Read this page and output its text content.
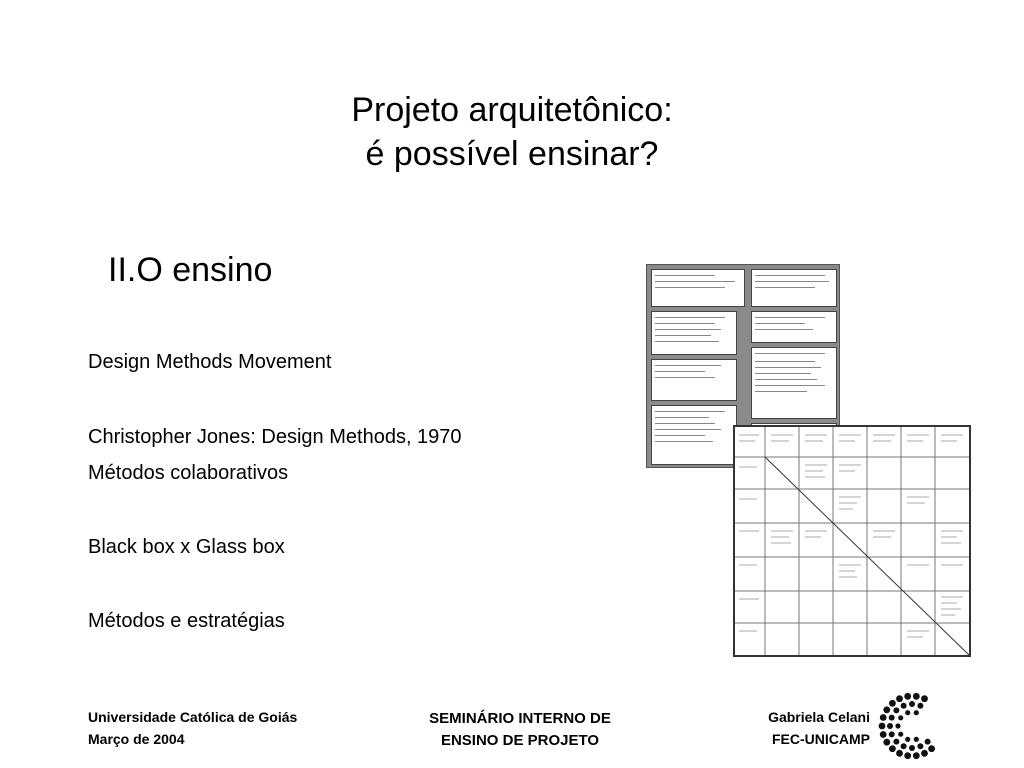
Projeto arquitetônico:
é possível ensinar?
II.O ensino
Design Methods Movement
Christopher Jones: Design Methods, 1970
Métodos colaborativos
Black box x Glass box
Métodos e estratégias
Universidade Católica de Goiás
Março de 2004
SEMINÁRIO INTERNO DE
ENSINO DE PROJETO
Gabriela Celani
FEC-UNICAMP
